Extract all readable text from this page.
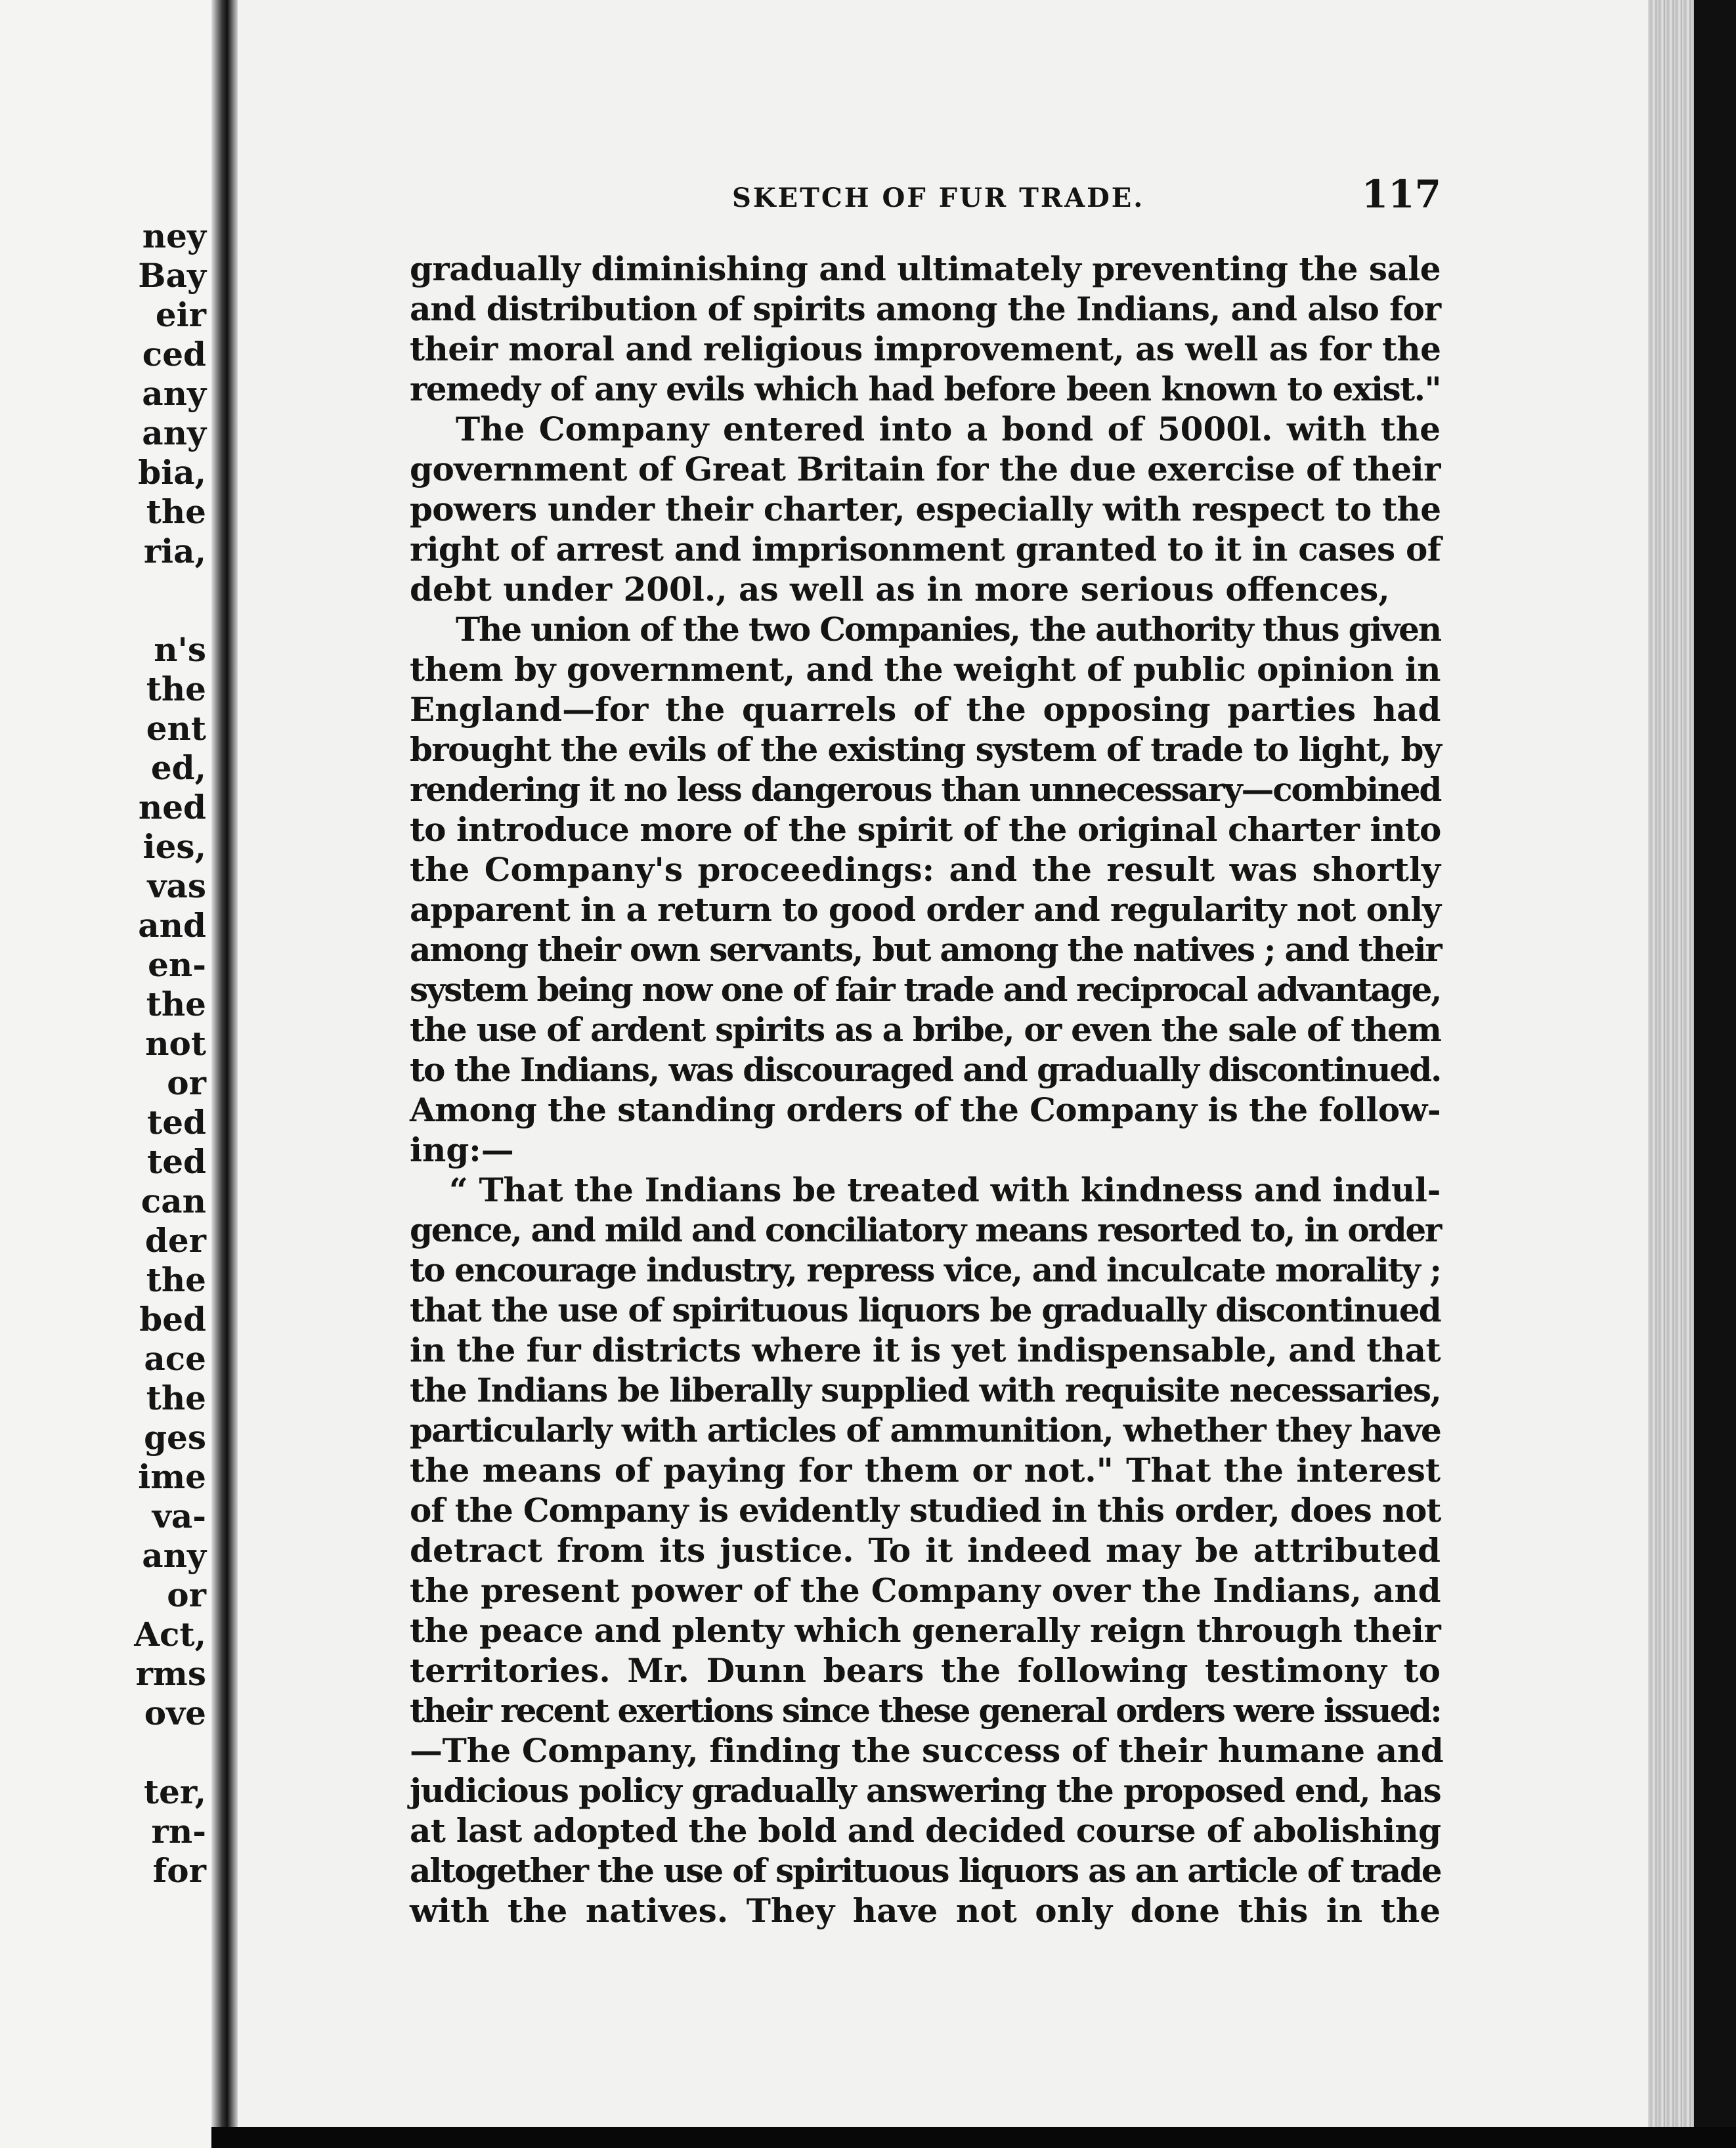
ney
Bay
eir
ced
any
any
bia,
the
ria,
n's
the
ent
ed,
ned
ies,
vas
and
en-
the
not
or
ted
ted
can
der
the
bed
ace
the
ges
ime
va-
any
or
Act,
rms
ove
ter,
rn-
for
SKETCH OF FUR TRADE.	117
gradually diminishing and ultimately preventing the sale
and distribution of spirits among the Indians, and also for
their moral and religious improvement, as well as for the
remedy of any evils which had before been known to exist."
The Company entered into a bond of 5000l. with the
government of Great Britain for the due exercise of their
powers under their charter, especially with respect to the
right of arrest and imprisonment granted to it in cases of
debt under 200l., as well as in more serious offences,
The union of the two Companies, the authority thus given
them by government, and the weight of public opinion in
England—for the quarrels of the opposing parties had
brought the evils of the existing system of trade to light, by
rendering it no less dangerous than unnecessary—combined
to introduce more of the spirit of the original charter into
the Company's proceedings: and the result was shortly
apparent in a return to good order and regularity not only
among their own servants, but among the natives ; and their
system being now one of fair trade and reciprocal advantage,
the use of ardent spirits as a bribe, or even the sale of them
to the Indians, was discouraged and gradually discontinued.
Among the standing orders of the Company is the follow-
ing:—
“ That the Indians be treated with kindness and indul-
gence, and mild and conciliatory means resorted to, in order
to encourage industry, repress vice, and inculcate morality ;
that the use of spirituous liquors be gradually discontinued
in the fur districts where it is yet indispensable, and that
the Indians be liberally supplied with requisite necessaries,
particularly with articles of ammunition, whether they have
the means of paying for them or not." That the interest
of the Company is evidently studied in this order, does not
detract from its justice. To it indeed may be attributed
the present power of the Company over the Indians, and
the peace and plenty which generally reign through their
territories. Mr. Dunn bears the following testimony to
their recent exertions since these general orders were issued:
—The Company, finding the success of their humane and
judicious policy gradually answering the proposed end, has
at last adopted the bold and decided course of abolishing
altogether the use of spirituous liquors as an article of trade
with the natives. They have not only done this in the
